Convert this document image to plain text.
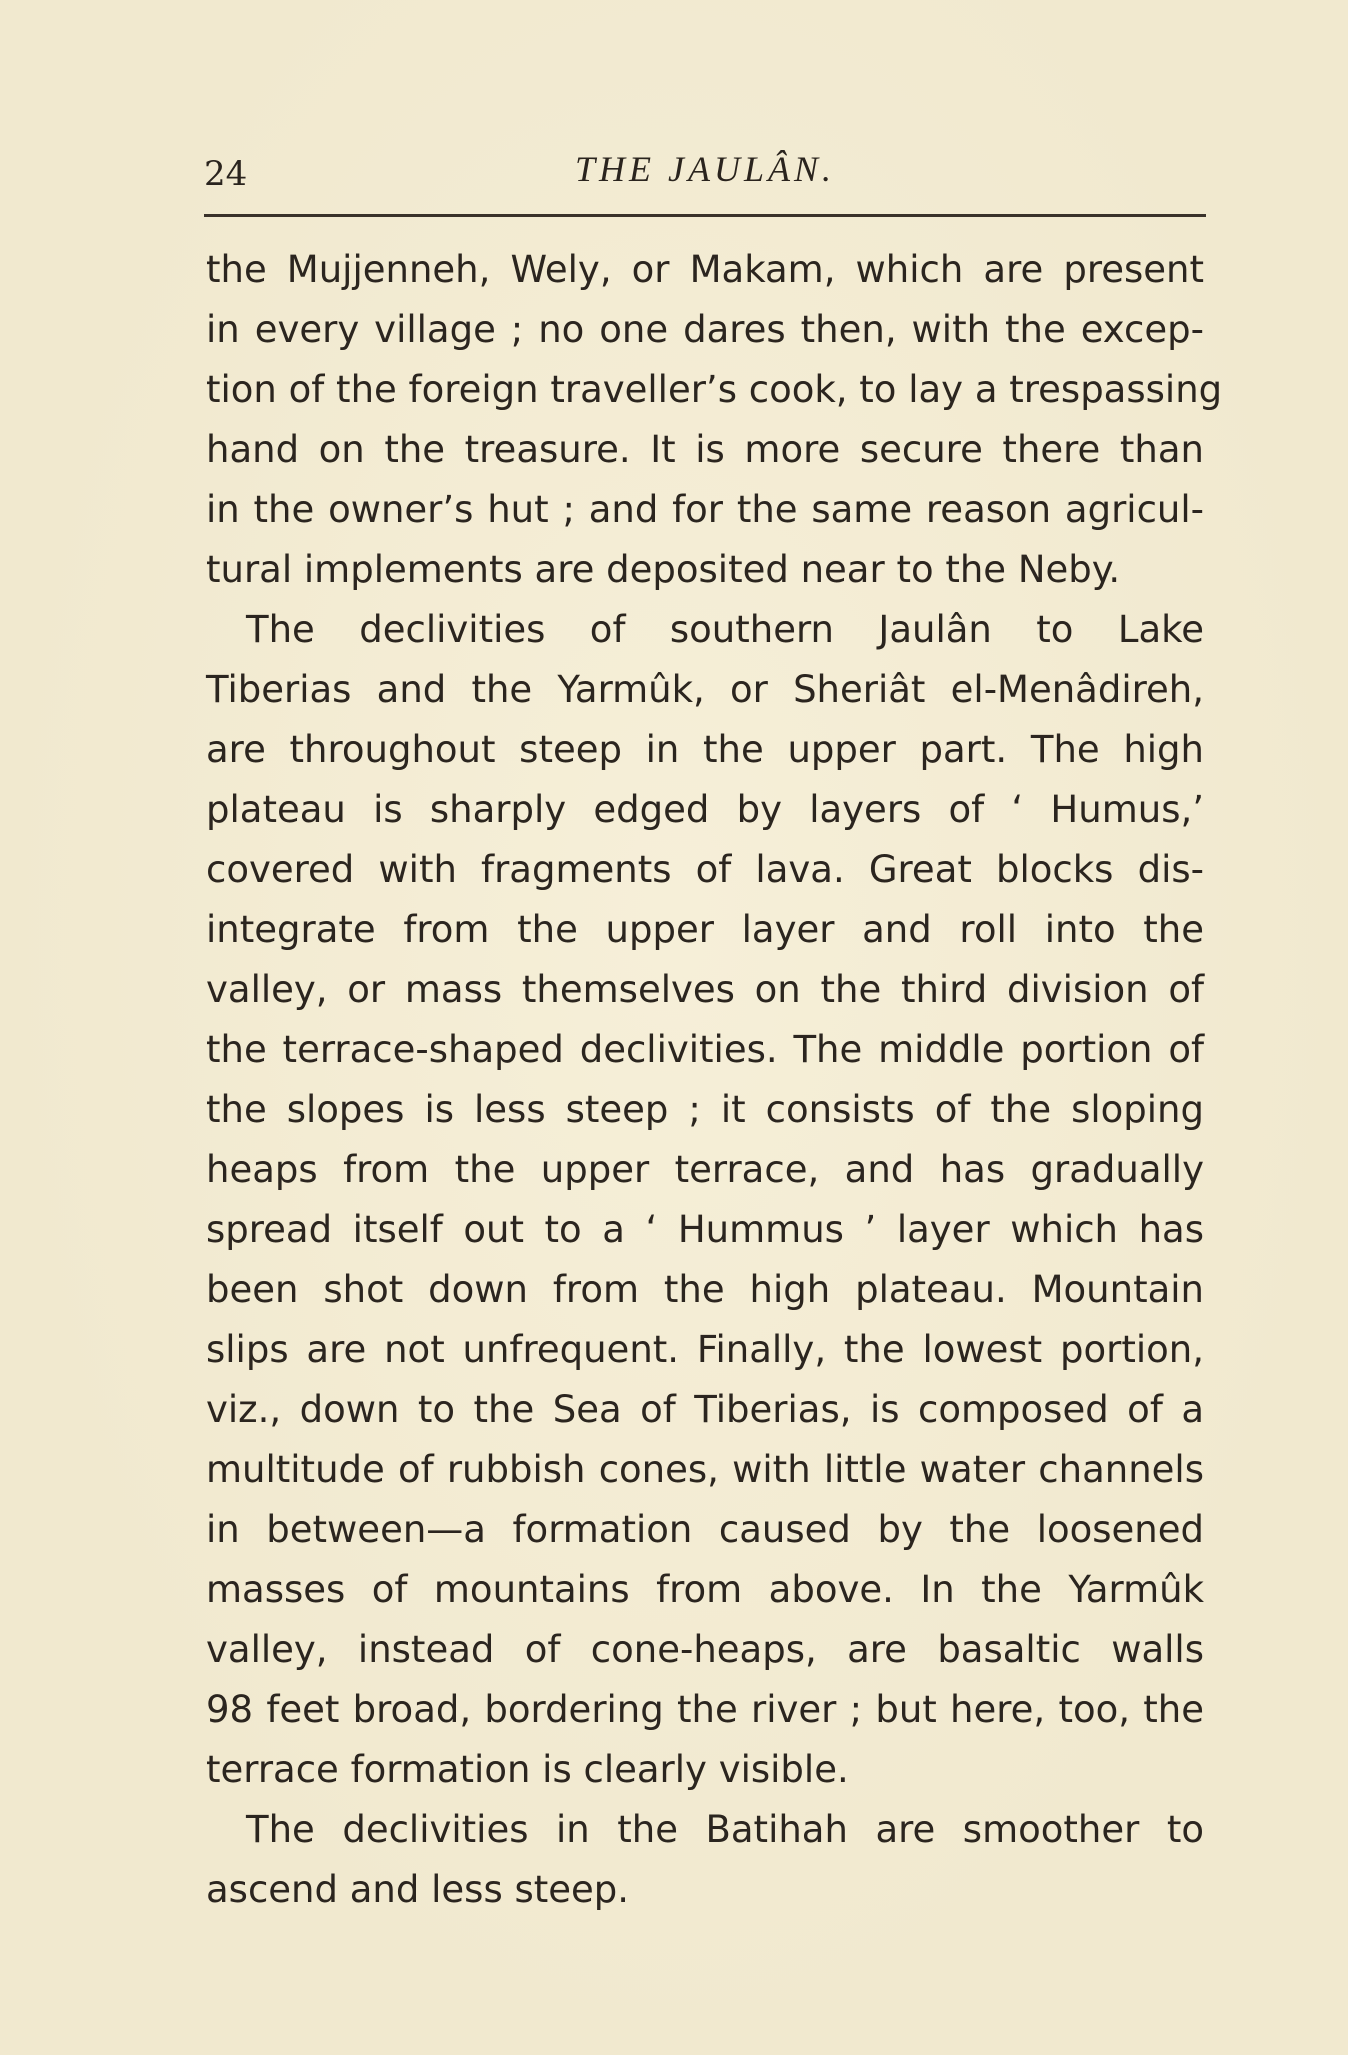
24	THE JAULÂN.
the Mujjenneh, Wely, or Makam, which are present
in every village ; no one dares then, with the excep-
tion of the foreign traveller’s cook, to lay a trespassing
hand on the treasure. It is more secure there than
in the owner’s hut ; and for the same reason agricul-
tural implements are deposited near to the Neby.
The declivities of southern Jaulân to Lake
Tiberias and the Yarmûk, or Sheriât el-Menâdireh,
are throughout steep in the upper part. The high
plateau is sharply edged by layers of ‘ Humus,’
covered with fragments of lava. Great blocks dis-
integrate from the upper layer and roll into the
valley, or mass themselves on the third division of
the terrace-shaped declivities. The middle portion of
the slopes is less steep ; it consists of the sloping
heaps from the upper terrace, and has gradually
spread itself out to a ‘ Hummus ’ layer which has
been shot down from the high plateau. Mountain
slips are not unfrequent. Finally, the lowest portion,
viz., down to the Sea of Tiberias, is composed of a
multitude of rubbish cones, with little water channels
in between—a formation caused by the loosened
masses of mountains from above. In the Yarmûk
valley, instead of cone-heaps, are basaltic walls
98 feet broad, bordering the river ; but here, too, the
terrace formation is clearly visible.
The declivities in the Batihah are smoother to
ascend and less steep.
